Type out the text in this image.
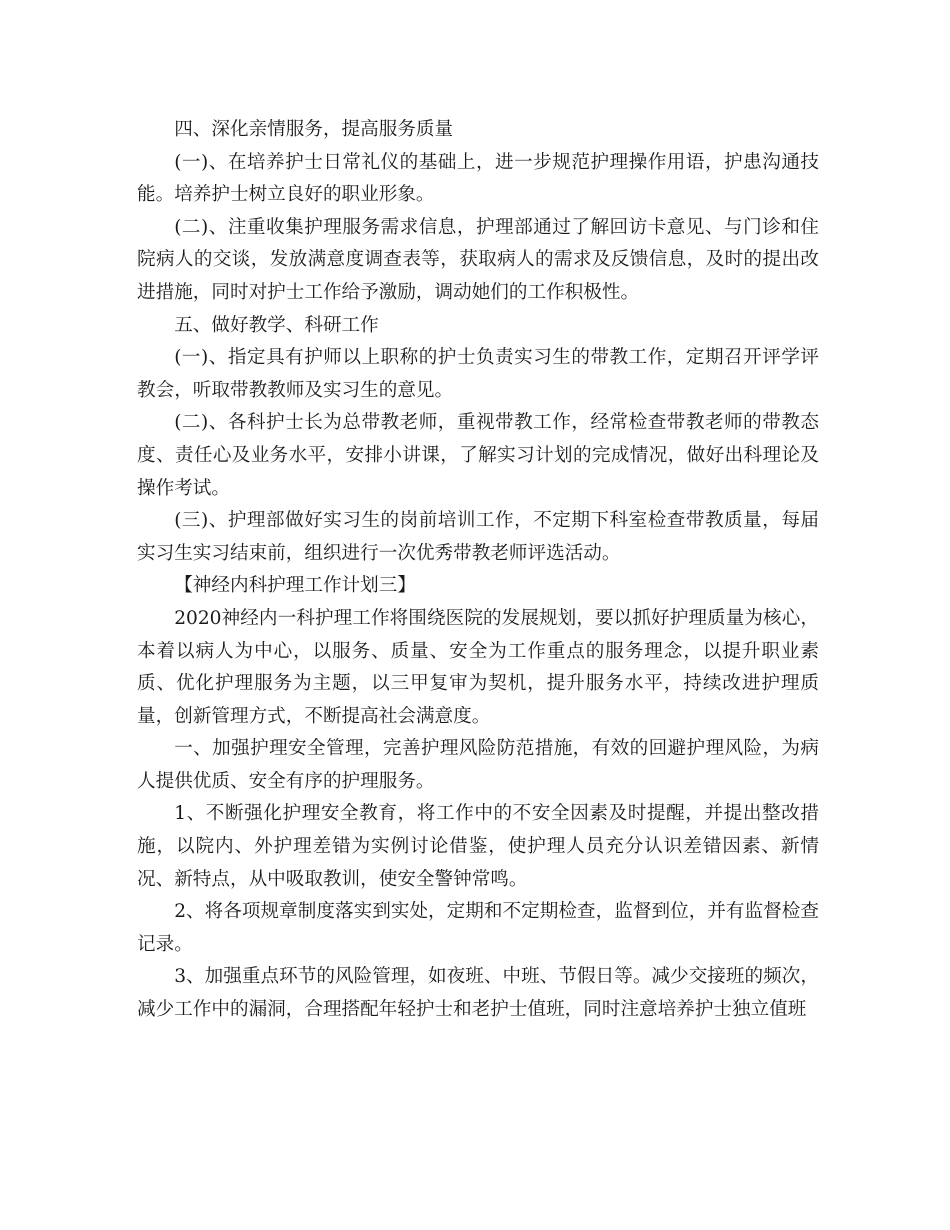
四、深化亲情服务，提高服务质量

(一)、在培养护士日常礼仪的基础上，进一步规范护理操作用语，护患沟通技能。培养护士树立良好的职业形象。

(二)、注重收集护理服务需求信息，护理部通过了解回访卡意见、与门诊和住院病人的交谈，发放满意度调查表等，获取病人的需求及反馈信息，及时的提出改进措施，同时对护士工作给予激励，调动她们的工作积极性。

五、做好教学、科研工作

(一)、指定具有护师以上职称的护士负责实习生的带教工作，定期召开评学评教会，听取带教教师及实习生的意见。

(二)、各科护士长为总带教老师，重视带教工作，经常检查带教老师的带教态度、责任心及业务水平，安排小讲课，了解实习计划的完成情况，做好出科理论及操作考试。

(三)、护理部做好实习生的岗前培训工作，不定期下科室检查带教质量，每届实习生实习结束前，组织进行一次优秀带教老师评选活动。

【神经内科护理工作计划三】

2020神经内一科护理工作将围绕医院的发展规划，要以抓好护理质量为核心，本着以病人为中心，以服务、质量、安全为工作重点的服务理念，以提升职业素质、优化护理服务为主题，以三甲复审为契机，提升服务水平，持续改进护理质量，创新管理方式，不断提高社会满意度。

一、加强护理安全管理，完善护理风险防范措施，有效的回避护理风险，为病人提供优质、安全有序的护理服务。

1、不断强化护理安全教育，将工作中的不安全因素及时提醒，并提出整改措施，以院内、外护理差错为实例讨论借鉴，使护理人员充分认识差错因素、新情况、新特点，从中吸取教训，使安全警钟常鸣。

2、将各项规章制度落实到实处，定期和不定期检查，监督到位，并有监督检查记录。

3、加强重点环节的风险管理，如夜班、中班、节假日等。减少交接班的频次，减少工作中的漏洞，合理搭配年轻护士和老护士值班，同时注意培养护士独立值班
